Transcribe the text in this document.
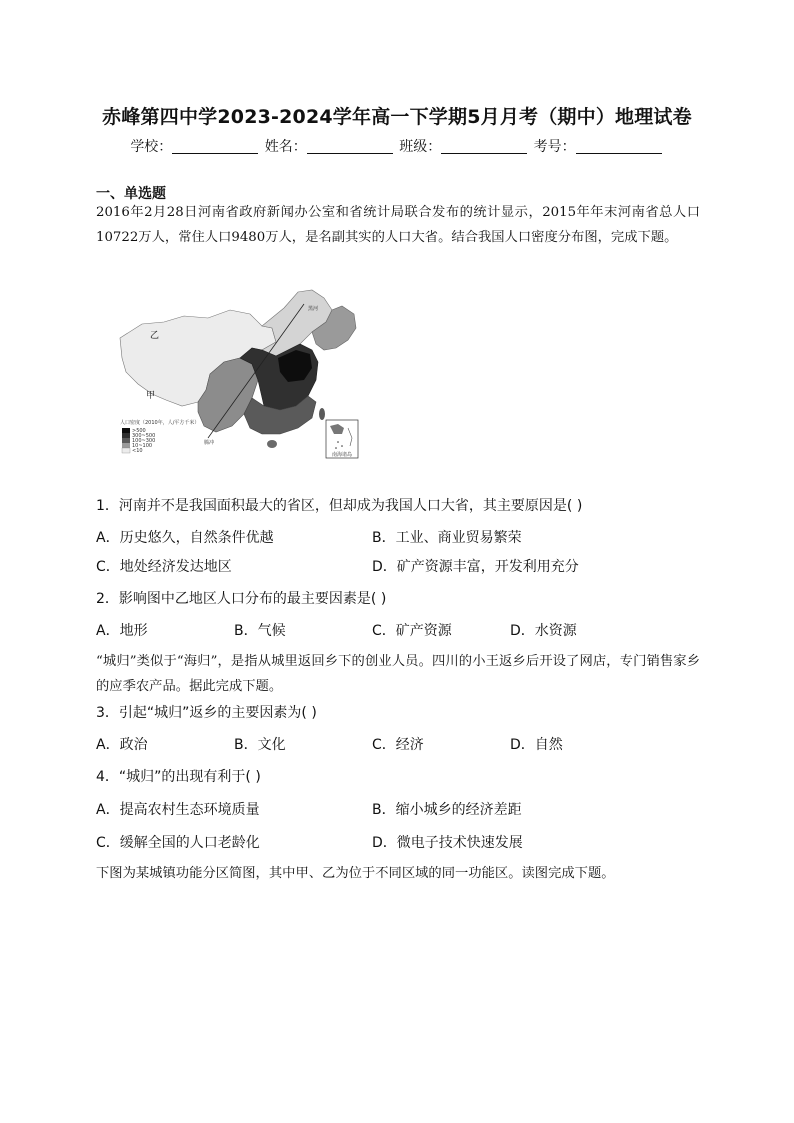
赤峰第四中学2023-2024学年高一下学期5月月考（期中）地理试卷
学校：	姓名：	班级：	考号：
一、单选题
2016年2月28日河南省政府新闻办公室和省统计局联合发布的统计显示，2015年年末河南省总人口10722万人，常住人口9480万人，是名副其实的人口大省。结合我国人口密度分布图，完成下题。
黑河
腾冲
乙
甲
人口密度（2010年，人/平方千米）
>500
300~500
100~300
10~100
<10
南海诸岛
1．河南并不是我国面积最大的省区，但却成为我国人口大省，其主要原因是( )
A．历史悠久，自然条件优越	B．工业、商业贸易繁荣
C．地处经济发达地区	D．矿产资源丰富，开发利用充分
2．影响图中乙地区人口分布的最主要因素是( )
A．地形	B．气候	C．矿产资源	D．水资源
“城归”类似于“海归”，是指从城里返回乡下的创业人员。四川的小王返乡后开设了网店，专门销售家乡的应季农产品。据此完成下题。
3．引起“城归”返乡的主要因素为( )
A．政治	B．文化	C．经济	D．自然
4．“城归”的出现有利于( )
A．提高农村生态环境质量	B．缩小城乡的经济差距
C．缓解全国的人口老龄化	D．微电子技术快速发展
下图为某城镇功能分区简图，其中甲、乙为位于不同区域的同一功能区。读图完成下题。
